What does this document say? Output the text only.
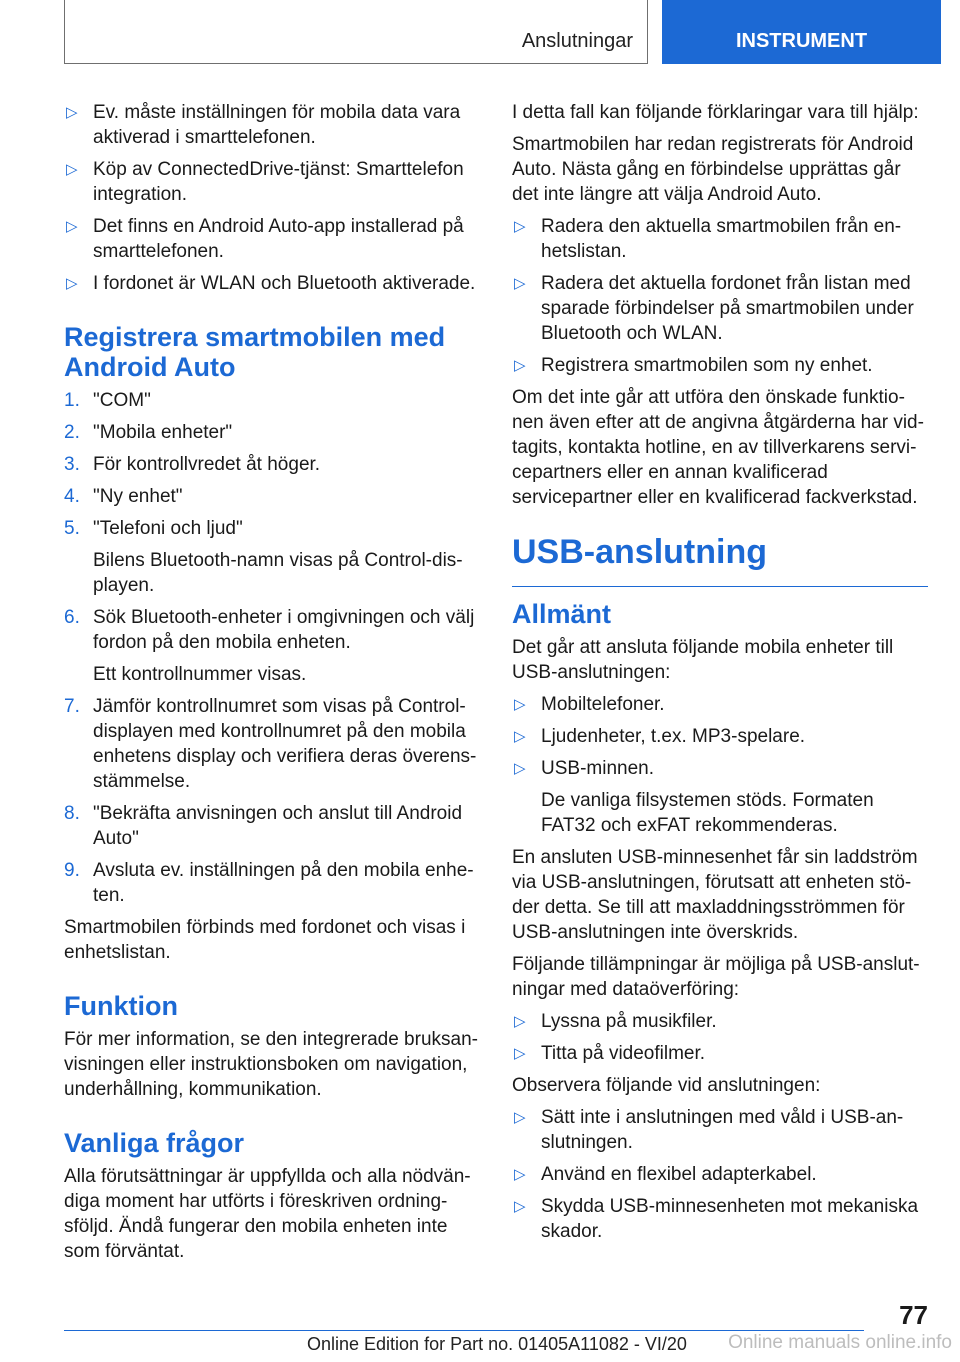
Anslutningar	INSTRUMENT
▷ Ev. måste inställningen för mobila data vara aktiverad i smarttelefonen.
▷ Köp av ConnectedDrive-tjänst: Smarttelefon integration.
▷ Det finns en Android Auto-app installerad på smarttelefonen.
▷ I fordonet är WLAN och Bluetooth aktiverade.
Registrera smartmobilen med Android Auto
1. "COM"
2. "Mobila enheter"
3. För kontrollvredet åt höger.
4. "Ny enhet"
5. "Telefoni och ljud"
Bilens Bluetooth-namn visas på Control-dis-playen.
6. Sök Bluetooth-enheter i omgivningen och välj fordon på den mobila enheten.
Ett kontrollnummer visas.
7. Jämför kontrollnumret som visas på Control-displayen med kontrollnumret på den mobila enhetens display och verifiera deras överens-stämmelse.
8. "Bekräfta anvisningen och anslut till Android Auto"
9. Avsluta ev. inställningen på den mobila enhe-ten.
Smartmobilen förbinds med fordonet och visas i enhetslistan.
Funktion
För mer information, se den integrerade bruksan-visningen eller instruktionsboken om navigation, underhållning, kommunikation.
Vanliga frågor
Alla förutsättningar är uppfyllda och alla nödvän-diga moment har utförts i föreskriven ordning-sföljd. Ändå fungerar den mobila enheten inte som förväntat.
I detta fall kan följande förklaringar vara till hjälp:
Smartmobilen har redan registrerats för Android Auto. Nästa gång en förbindelse upprättas går det inte längre att välja Android Auto.
▷ Radera den aktuella smartmobilen från en-hetslistan.
▷ Radera det aktuella fordonet från listan med sparade förbindelser på smartmobilen under Bluetooth och WLAN.
▷ Registrera smartmobilen som ny enhet.
Om det inte går att utföra den önskade funktio-nen även efter att de angivna åtgärderna har vid-tagits, kontakta hotline, en av tillverkarens servi-cepartners eller en annan kvalificerad servicepartner eller en kvalificerad fackverkstad.
USB-anslutning
Allmänt
Det går att ansluta följande mobila enheter till USB-anslutningen:
▷ Mobiltelefoner.
▷ Ljudenheter, t.ex. MP3-spelare.
▷ USB-minnen.
De vanliga filsystemen stöds. Formaten FAT32 och exFAT rekommenderas.
En ansluten USB-minnesenhet får sin laddström via USB-anslutningen, förutsatt att enheten stö-der detta. Se till att maxladdningsströmmen för USB-anslutningen inte överskrids.
Följande tillämpningar är möjliga på USB-anslut-ningar med dataöverföring:
▷ Lyssna på musikfiler.
▷ Titta på videofilmer.
Observera följande vid anslutningen:
▷ Sätt inte i anslutningen med våld i USB-an-slutningen.
▷ Använd en flexibel adapterkabel.
▷ Skydda USB-minnesenheten mot mekaniska skador.
77
Online Edition for Part no. 01405A11082 - VI/20 Online manuals online.info
